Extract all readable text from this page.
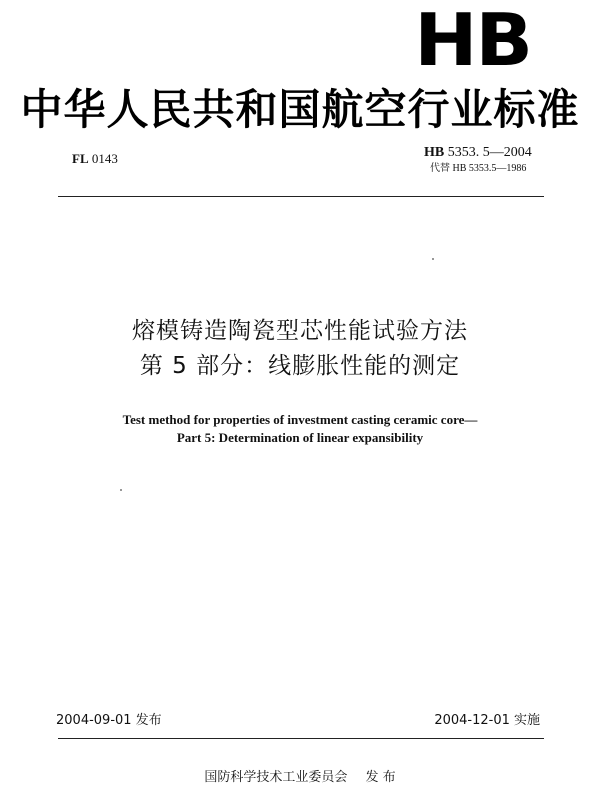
HB
中华人民共和国航空行业标准
FL 0143	HB 5353. 5—2004
代替 HB 5353.5—1986
熔模铸造陶瓷型芯性能试验方法
第 5 部分：线膨胀性能的测定
Test method for properties of investment casting ceramic core—
Part 5: Determination of linear expansibility
2004-09-01 发布	2004-12-01 实施
国防科学技术工业委员会 发 布
